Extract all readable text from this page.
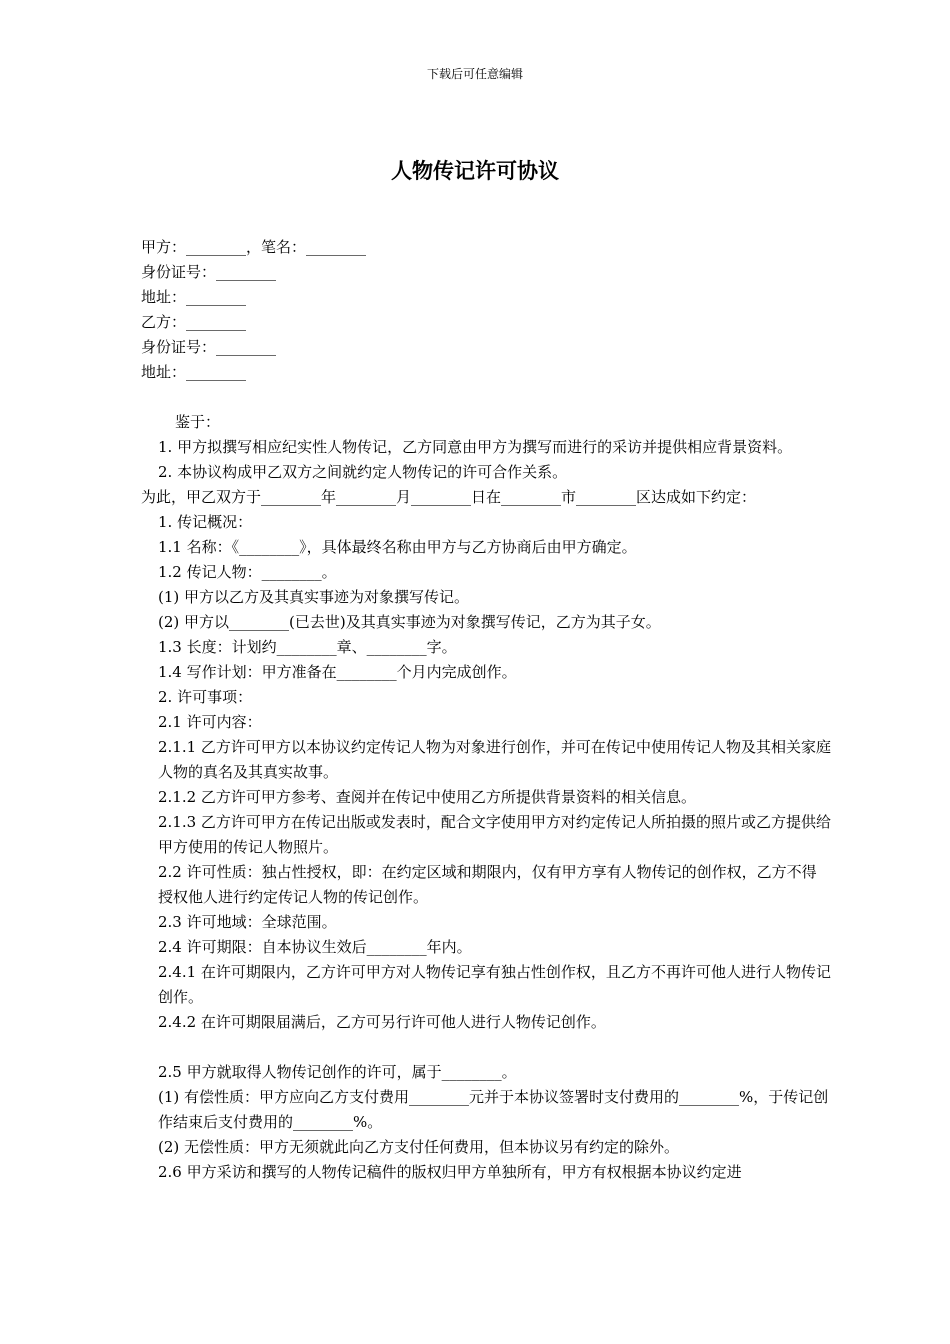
下载后可任意编辑
人物传记许可协议
甲方：________，笔名：________
身份证号：________
地址：________
乙方：________
身份证号：________
地址：________
鉴于：
1. 甲方拟撰写相应纪实性人物传记，乙方同意由甲方为撰写而进行的采访并提供相应背景资料。
2. 本协议构成甲乙双方之间就约定人物传记的许可合作关系。
为此，甲乙双方于________年________月________日在________市________区达成如下约定：
1. 传记概况：
1.1 名称：《________》，具体最终名称由甲方与乙方协商后由甲方确定。
1.2 传记人物：________。
(1) 甲方以乙方及其真实事迹为对象撰写传记。
(2) 甲方以________(已去世)及其真实事迹为对象撰写传记，乙方为其子女。
1.3 长度：计划约________章、________字。
1.4 写作计划：甲方准备在________个月内完成创作。
2. 许可事项：
2.1 许可内容：
2.1.1 乙方许可甲方以本协议约定传记人物为对象进行创作，并可在传记中使用传记人物及其相关家庭人物的真名及其真实故事。
2.1.2 乙方许可甲方参考、查阅并在传记中使用乙方所提供背景资料的相关信息。
2.1.3 乙方许可甲方在传记出版或发表时，配合文字使用甲方对约定传记人所拍摄的照片或乙方提供给甲方使用的传记人物照片。
2.2 许可性质：独占性授权，即：在约定区域和期限内，仅有甲方享有人物传记的创作权，乙方不得授权他人进行约定传记人物的传记创作。
2.3 许可地域：全球范围。
2.4 许可期限：自本协议生效后________年内。
2.4.1 在许可期限内，乙方许可甲方对人物传记享有独占性创作权，且乙方不再许可他人进行人物传记创作。
2.4.2 在许可期限届满后，乙方可另行许可他人进行人物传记创作。
2.5 甲方就取得人物传记创作的许可，属于________。
(1) 有偿性质：甲方应向乙方支付费用________元并于本协议签署时支付费用的________%，于传记创作结束后支付费用的________%。
(2) 无偿性质：甲方无须就此向乙方支付任何费用，但本协议另有约定的除外。
2.6 甲方采访和撰写的人物传记稿件的版权归甲方单独所有，甲方有权根据本协议约定进
